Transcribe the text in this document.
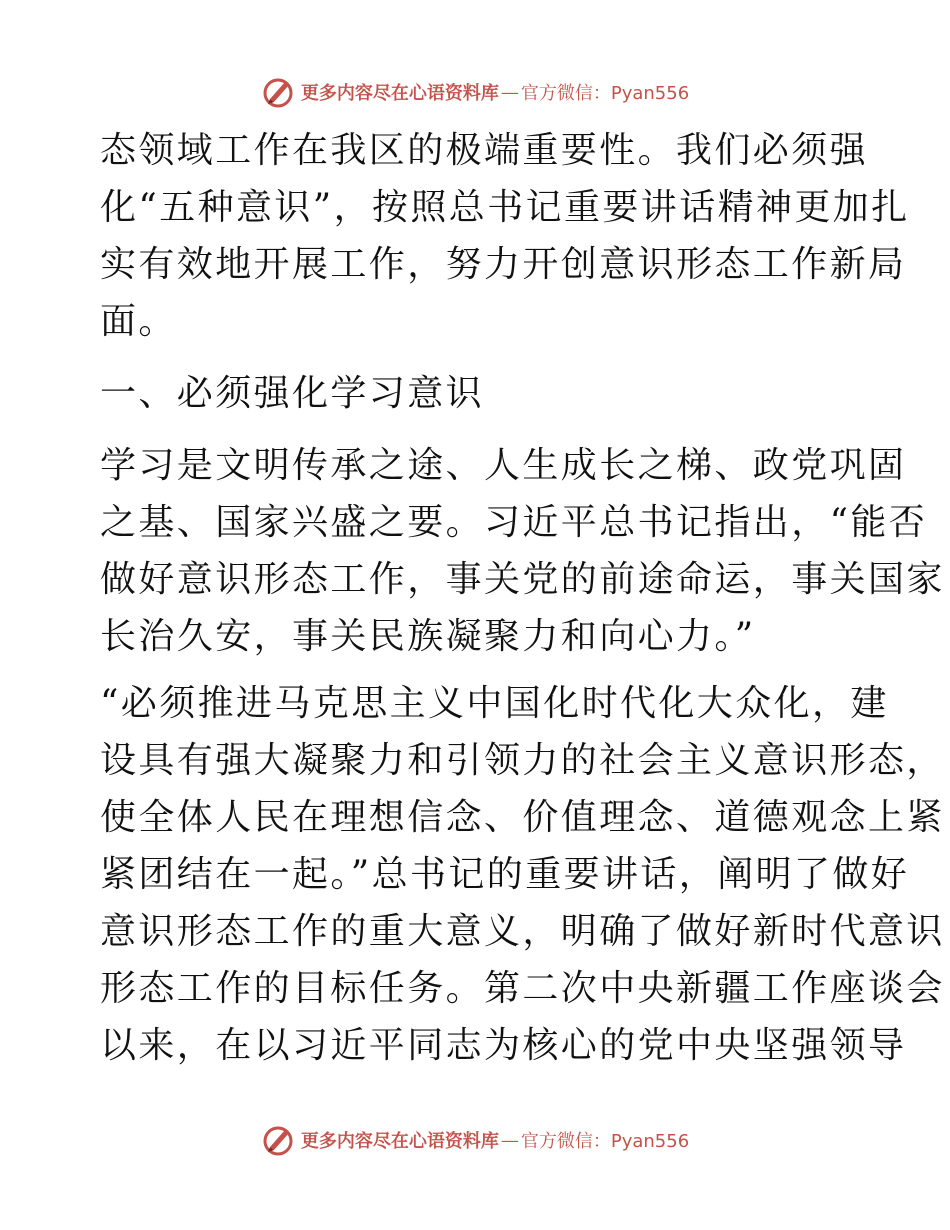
更多内容尽在心语资料库 — 官方微信：Pyan556
态领域工作在我区的极端重要性。我们必须强
化“五种意识”，按照总书记重要讲话精神更加扎
实有效地开展工作，努力开创意识形态工作新局
面。
一、必须强化学习意识
学习是文明传承之途、人生成长之梯、政党巩固
之基、国家兴盛之要。习近平总书记指出，“能否
做好意识形态工作，事关党的前途命运，事关国家
长治久安，事关民族凝聚力和向心力。”
“必须推进马克思主义中国化时代化大众化，建
设具有强大凝聚力和引领力的社会主义意识形态，
使全体人民在理想信念、价值理念、道德观念上紧
紧团结在一起。”总书记的重要讲话，阐明了做好
意识形态工作的重大意义，明确了做好新时代意识
形态工作的目标任务。第二次中央新疆工作座谈会
以来，在以习近平同志为核心的党中央坚强领导
更多内容尽在心语资料库 — 官方微信：Pyan556
